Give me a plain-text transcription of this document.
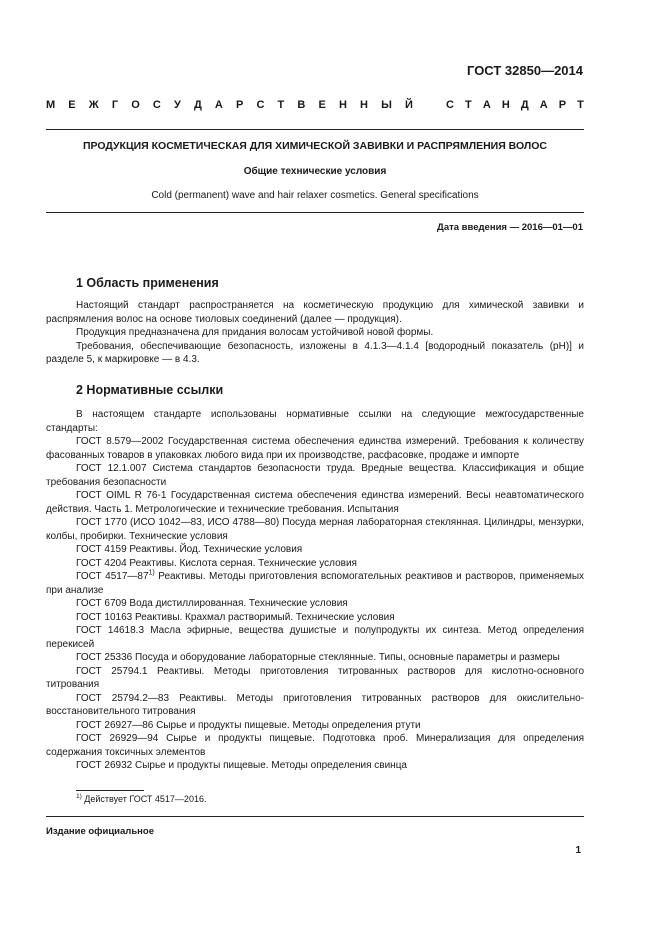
ГОСТ 32850—2014
М Е Ж Г О С У Д А Р С Т В Е Н Н Ы Й	С Т А Н Д А Р Т
ПРОДУКЦИЯ КОСМЕТИЧЕСКАЯ ДЛЯ ХИМИЧЕСКОЙ ЗАВИВКИ И РАСПРЯМЛЕНИЯ ВОЛОС
Общие технические условия
Cold (permanent) wave and hair relaxer cosmetics. General specifications
Дата введения — 2016—01—01
1 Область применения

Настоящий стандарт распространяется на косметическую продукцию для химической завивки и распрямления волос на основе тиоловых соединений (далее — продукция).

Продукция предназначена для придания волосам устойчивой новой формы.

Требования, обеспечивающие безопасность, изложены в 4.1.3—4.1.4 [водородный показатель (pH)] и разделе 5, к маркировке — в 4.3.

2 Нормативные ссылки

В настоящем стандарте использованы нормативные ссылки на следующие межгосударственные стандарты:

ГОСТ 8.579—2002 Государственная система обеспечения единства измерений. Требования к количеству фасованных товаров в упаковках любого вида при их производстве, расфасовке, продаже и импорте

ГОСТ 12.1.007 Система стандартов безопасности труда. Вредные вещества. Классификация и общие требования безопасности

ГОСТ OIML R 76-1 Государственная система обеспечения единства измерений. Весы неавтоматического действия. Часть 1. Метрологические и технические требования. Испытания

ГОСТ 1770 (ИСО 1042—83, ИСО 4788—80) Посуда мерная лабораторная стеклянная. Цилиндры, мензурки, колбы, пробирки. Технические условия

ГОСТ 4159 Реактивы. Йод. Технические условия

ГОСТ 4204 Реактивы. Кислота серная. Технические условия

ГОСТ 4517—87$^{1)}$ Реактивы. Методы приготовления вспомогательных реактивов и растворов, применяемых при анализе

ГОСТ 6709 Вода дистиллированная. Технические условия

ГОСТ 10163 Реактивы. Крахмал растворимый. Технические условия

ГОСТ 14618.3 Масла эфирные, вещества душистые и полупродукты их синтеза. Метод определения перекисей

ГОСТ 25336 Посуда и оборудование лабораторные стеклянные. Типы, основные параметры и размеры

ГОСТ 25794.1 Реактивы. Методы приготовления титрованных растворов для кислотно-основного титрования

ГОСТ 25794.2—83 Реактивы. Методы приготовления титрованных растворов для окислительно-восстановительного титрования

ГОСТ 26927—86 Сырье и продукты пищевые. Методы определения ртути

ГОСТ 26929—94 Сырье и продукты пищевые. Подготовка проб. Минерализация для определения содержания токсичных элементов

ГОСТ 26932 Сырье и продукты пищевые. Методы определения свинца

$^{1)}$ Действует ГОСТ 4517—2016.
Издание официальное
1
